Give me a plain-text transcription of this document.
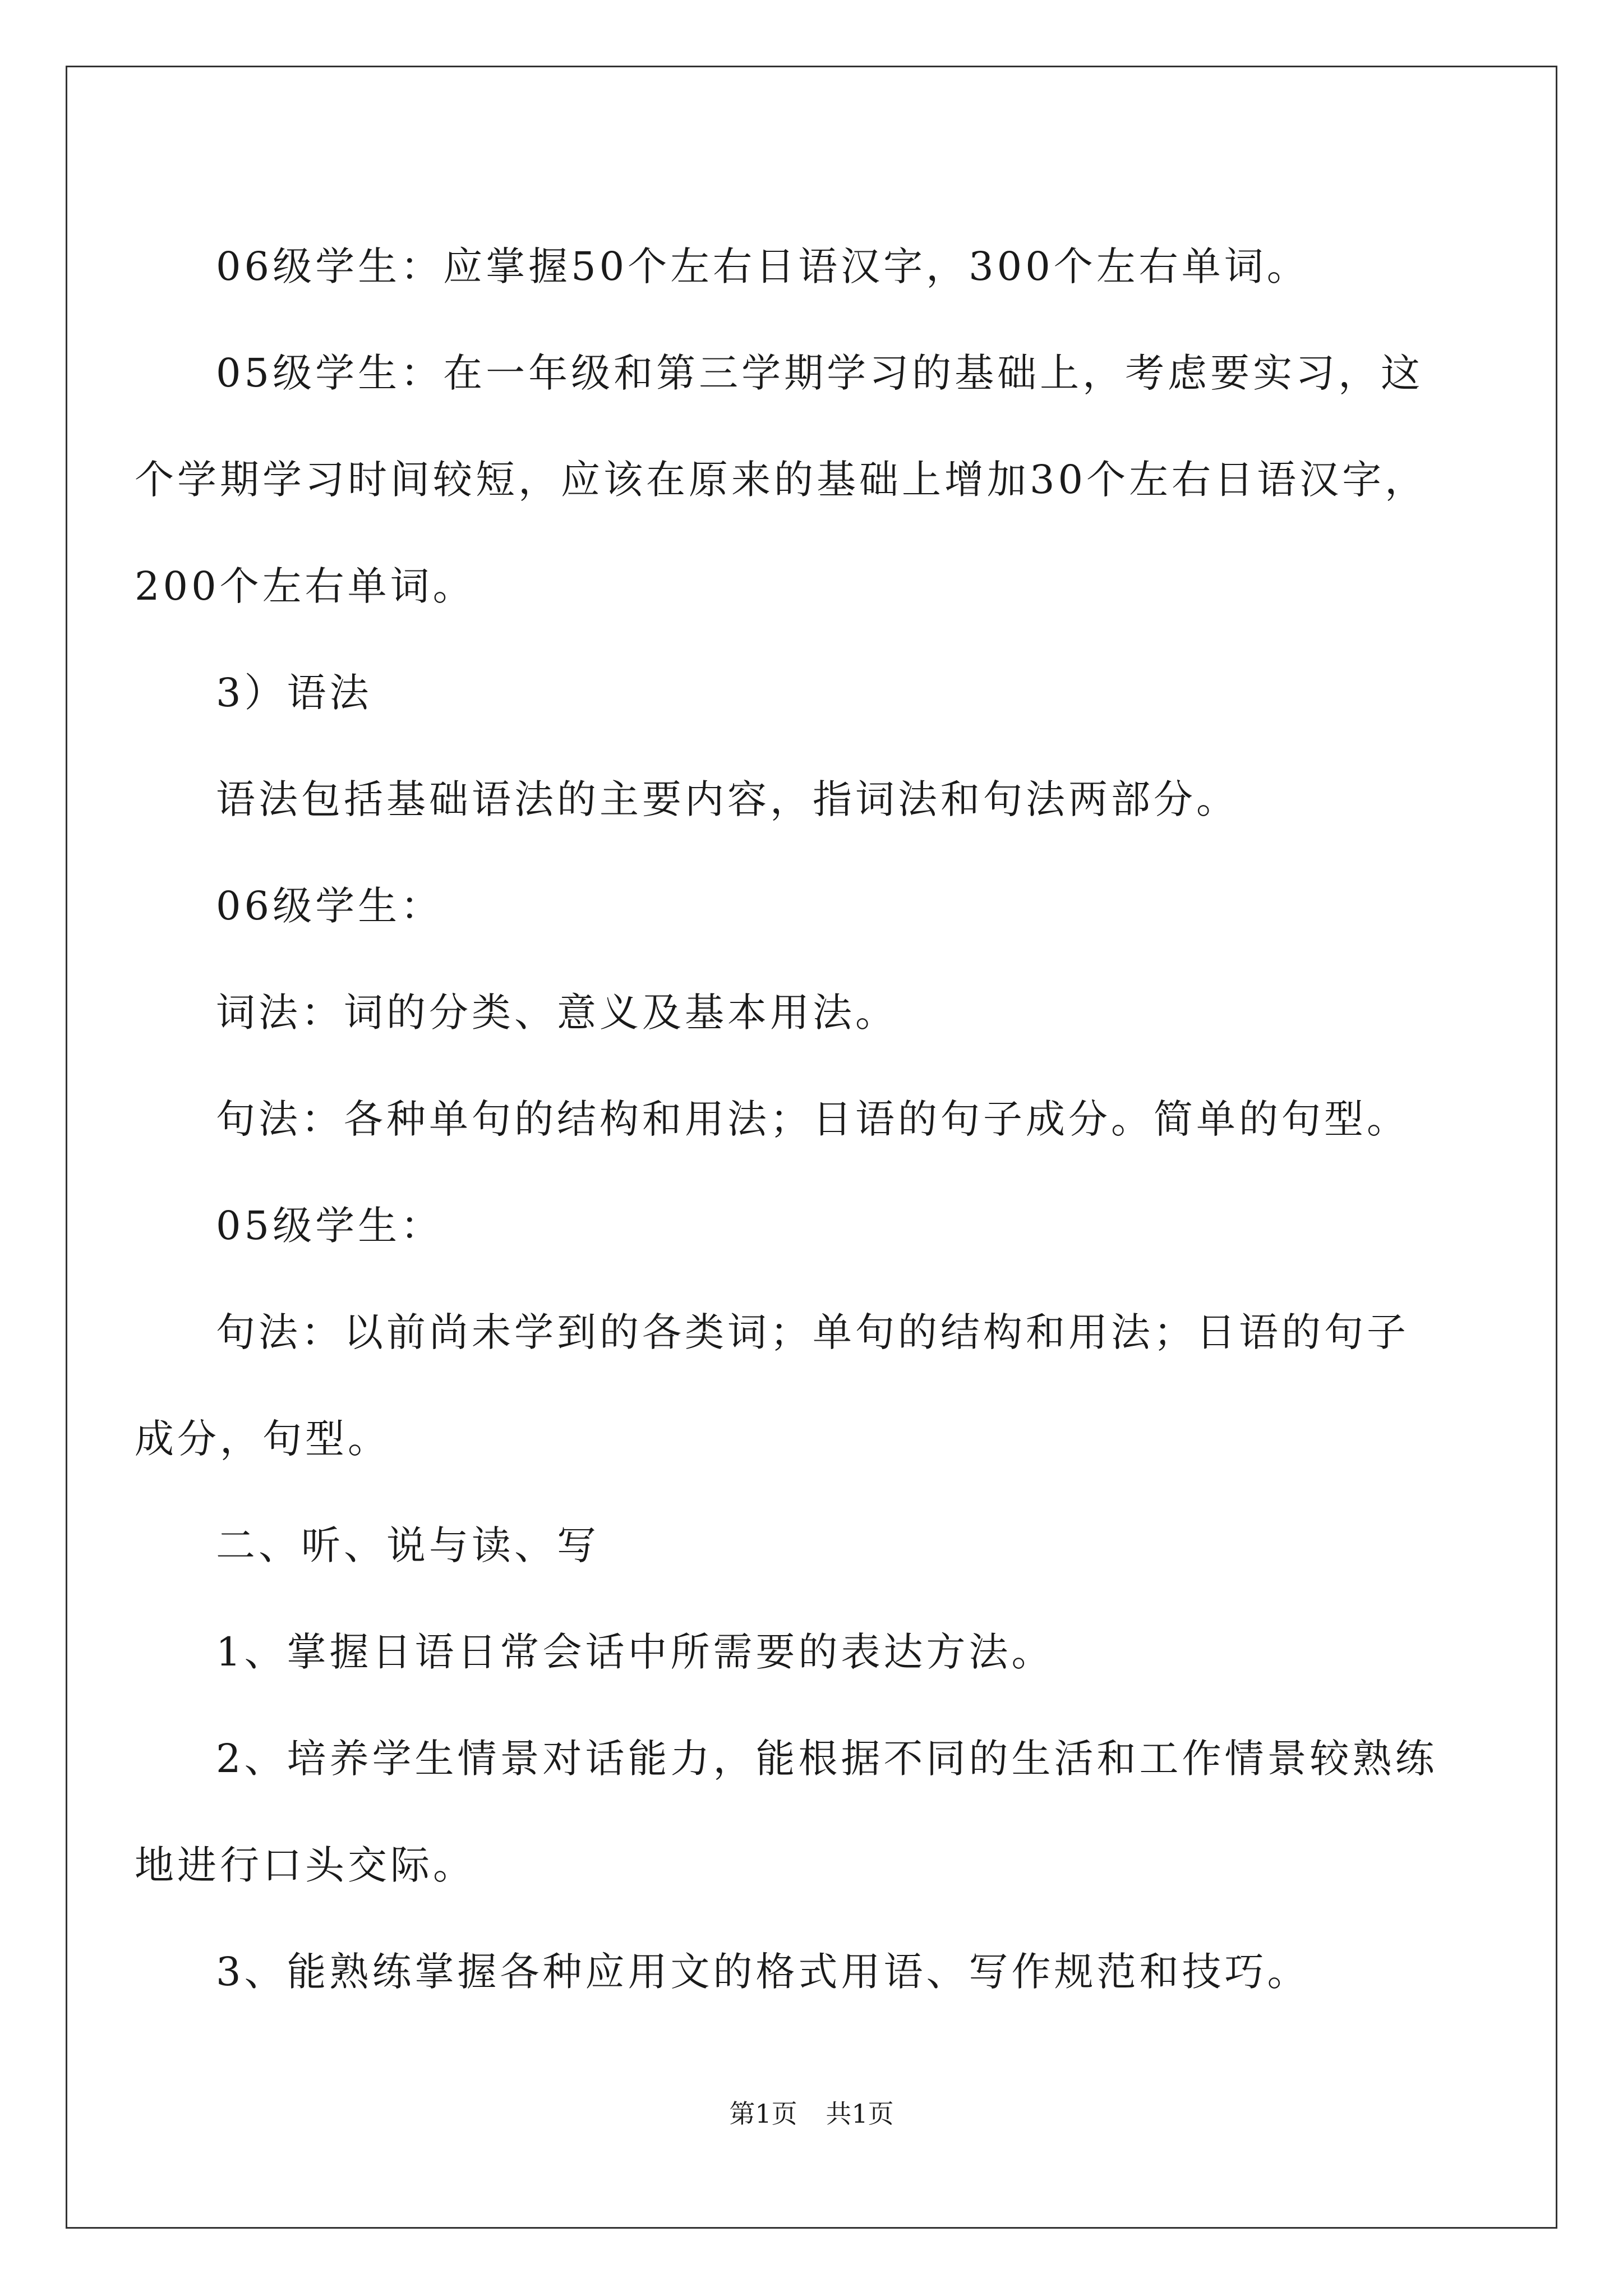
06级学生：应掌握50个左右日语汉字，300个左右单词。

05级学生：在一年级和第三学期学习的基础上，考虑要实习，这

个学期学习时间较短，应该在原来的基础上增加30个左右日语汉字，

200个左右单词。

3）语法

语法包括基础语法的主要内容，指词法和句法两部分。

06级学生：

词法：词的分类、意义及基本用法。

句法：各种单句的结构和用法；日语的句子成分。简单的句型。

05级学生：

句法：以前尚未学到的各类词；单句的结构和用法；日语的句子

成分，句型。

二、听、说与读、写

1、掌握日语日常会话中所需要的表达方法。

2、培养学生情景对话能力，能根据不同的生活和工作情景较熟练

地进行口头交际。

3、能熟练掌握各种应用文的格式用语、写作规范和技巧。

第1页 共1页
